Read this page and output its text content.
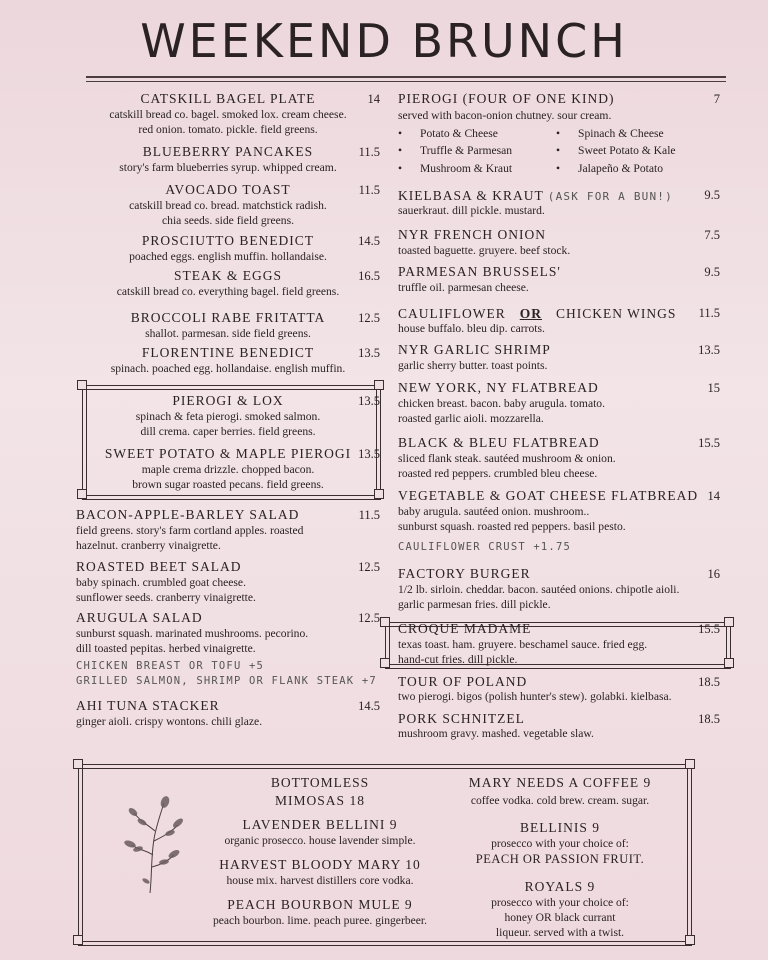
WEEKEND BRUNCH
CATSKILL BAGEL PLATE	14
catskill bread co. bagel. smoked lox. cream cheese.
red onion. tomato. pickle. field greens.
BLUEBERRY PANCAKES	11.5
story's farm blueberries syrup. whipped cream.
AVOCADO TOAST	11.5
catskill bread co. bread. matchstick radish.
chia seeds. side field greens.
PROSCIUTTO BENEDICT	14.5
poached eggs. english muffin. hollandaise.
STEAK & EGGS	16.5
catskill bread co. everything bagel. field greens.
BROCCOLI RABE FRITATTA	12.5
shallot. parmesan. side field greens.
FLORENTINE BENEDICT	13.5
spinach. poached egg. hollandaise. english muffin.
PIEROGI & LOX	13.5
spinach & feta pierogi. smoked salmon.
dill crema. caper berries. field greens.
SWEET POTATO & MAPLE PIEROGI 13.5
maple crema drizzle. chopped bacon.
brown sugar roasted pecans. field greens.
BACON-APPLE-BARLEY SALAD	11.5
field greens. story's farm cortland apples. roasted
hazelnut. cranberry vinaigrette.
ROASTED BEET SALAD	12.5
baby spinach. crumbled goat cheese.
sunflower seeds. cranberry vinaigrette.
ARUGULA SALAD	12.5
sunburst squash. marinated mushrooms. pecorino.
dill toasted pepitas. herbed vinaigrette.
CHICKEN BREAST OR TOFU +5
GRILLED SALMON, SHRIMP OR FLANK STEAK +7
AHI TUNA STACKER	14.5
ginger aioli. crispy wontons. chili glaze.
PIEROGI (FOUR OF ONE KIND)	7
served with bacon-onion chutney. sour cream.
• Potato & Cheese	• Spinach & Cheese
• Truffle & Parmesan	• Sweet Potato & Kale
• Mushroom & Kraut	• Jalapeño & Potato
KIELBASA & KRAUT (ASK FOR A BUN!)	9.5
sauerkraut. dill pickle. mustard.
NYR FRENCH ONION	7.5
toasted baguette. gruyere. beef stock.
PARMESAN BRUSSELS'	9.5
truffle oil. parmesan cheese.
CAULIFLOWER OR CHICKEN WINGS	11.5
house buffalo. bleu dip. carrots.
NYR GARLIC SHRIMP	13.5
garlic sherry butter. toast points.
NEW YORK, NY FLATBREAD	15
chicken breast. bacon. baby arugula. tomato.
roasted garlic aioli. mozzarella.
BLACK & BLEU FLATBREAD	15.5
sliced flank steak. sautéed mushroom & onion.
roasted red peppers. crumbled bleu cheese.
VEGETABLE & GOAT CHEESE FLATBREAD 14
baby arugula. sautéed onion. mushroom..
sunburst squash. roasted red peppers. basil pesto.
CAULIFLOWER CRUST +1.75
FACTORY BURGER	16
1/2 lb. sirloin. cheddar. bacon. sautéed onions. chipotle aioli.
garlic parmesan fries. dill pickle.
CROQUE MADAME	15.5
texas toast. ham. gruyere. beschamel sauce. fried egg.
hand-cut fries. dill pickle.
TOUR OF POLAND	18.5
two pierogi. bigos (polish hunter's stew). golabki. kielbasa.
PORK SCHNITZEL	18.5
mushroom gravy. mashed. vegetable slaw.
BOTTOMLESS
MIMOSAS 18
LAVENDER BELLINI 9
organic prosecco. house lavender simple.
HARVEST BLOODY MARY 10
house mix. harvest distillers core vodka.
PEACH BOURBON MULE 9
peach bourbon. lime. peach puree. gingerbeer.
MARY NEEDS A COFFEE 9
coffee vodka. cold brew. cream. sugar.
BELLINIS 9
prosecco with your choice of:
PEACH OR PASSION FRUIT.
ROYALS 9
prosecco with your choice of:
honey OR black currant
liqueur. served with a twist.
